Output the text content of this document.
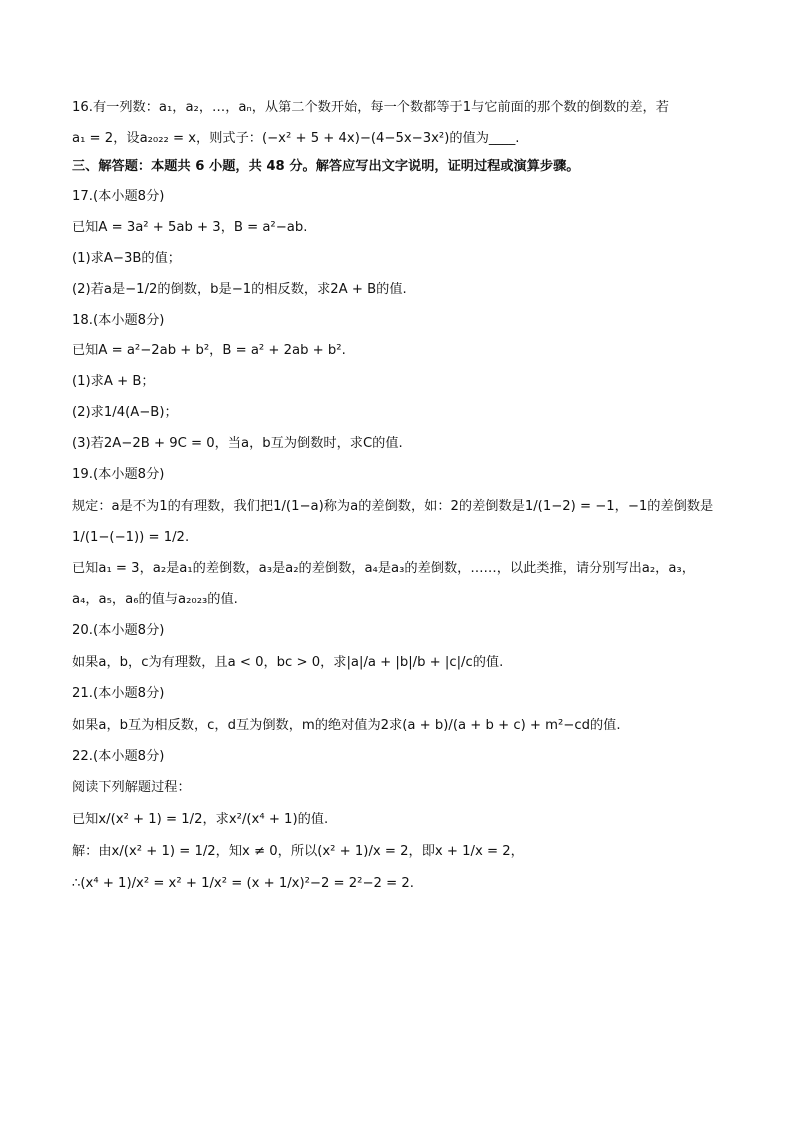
16.有一列数：a₁，a₂，…，aₙ，从第二个数开始，每一个数都等于1与它前面的那个数的倒数的差，若

a₁ = 2，设a₂₀₂₂ = x，则式子：(−x² + 5 + 4x)−(4−5x−3x²)的值为____.

三、解答题：本题共 6 小题，共 48 分。解答应写出文字说明，证明过程或演算步骤。

17.(本小题8分)

已知A = 3a² + 5ab + 3，B = a²−ab.

(1)求A−3B的值；

(2)若a是−1/2的倒数，b是−1的相反数，求2A + B的值.

18.(本小题8分)

已知A = a²−2ab + b²，B = a² + 2ab + b².

(1)求A + B；

(2)求1/4(A−B)；

(3)若2A−2B + 9C = 0，当a，b互为倒数时，求C的值.

19.(本小题8分)

规定：a是不为1的有理数，我们把1/(1−a)称为a的差倒数，如：2的差倒数是1/(1−2) = −1，−1的差倒数是

1/(1−(−1)) = 1/2.

已知a₁ = 3，a₂是a₁的差倒数，a₃是a₂的差倒数，a₄是a₃的差倒数，……，以此类推，请分别写出a₂，a₃，

a₄，a₅，a₆的值与a₂₀₂₃的值.

20.(本小题8分)

如果a，b，c为有理数，且a < 0，bc > 0，求|a|/a + |b|/b + |c|/c的值.

21.(本小题8分)

如果a，b互为相反数，c，d互为倒数，m的绝对值为2求(a + b)/(a + b + c) + m²−cd的值.

22.(本小题8分)

阅读下列解题过程：

已知x/(x² + 1) = 1/2，求x²/(x⁴ + 1)的值.

解：由x/(x² + 1) = 1/2，知x ≠ 0，所以(x² + 1)/x = 2，即x + 1/x = 2，

∴(x⁴ + 1)/x² = x² + 1/x² = (x + 1/x)²−2 = 2²−2 = 2.
